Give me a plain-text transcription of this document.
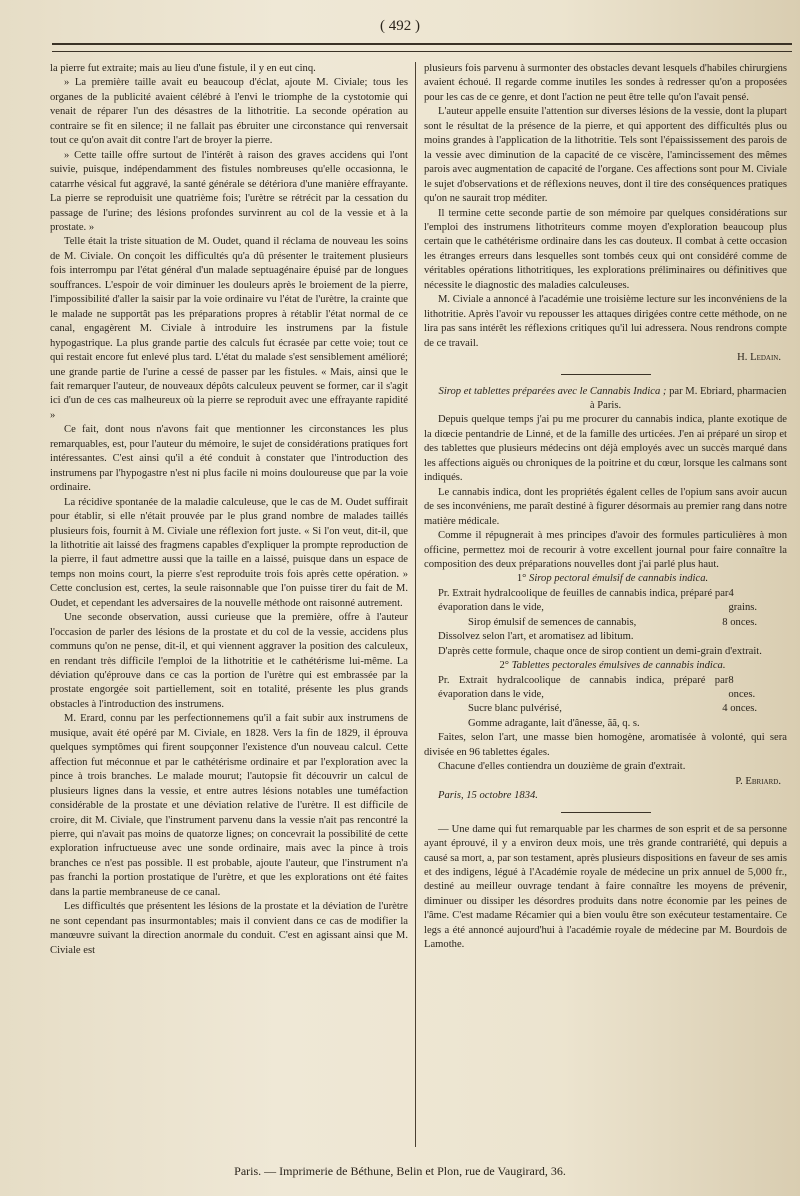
( 492 )

la pierre fut extraite; mais au lieu d'une fistule, il y en eut cinq.

» La première taille avait eu beaucoup d'éclat, ajoute M. Civiale; tous les organes de la publicité avaient célébré à l'envi le triomphe de la cystotomie qui venait de réparer l'un des désastres de la lithotritie. La seconde opération au contraire se fit en silence; il ne fallait pas ébruiter une circonstance qui renversait tout ce qu'on avait dit contre l'art de broyer la pierre.

» Cette taille offre surtout de l'intérêt à raison des graves accidens qui l'ont suivie, puisque, indépendamment des fistules nombreuses qu'elle occasionna, le catarrhe vésical fut aggravé, la santé générale se détériora d'une manière effrayante. La pierre se reproduisit une quatrième fois; l'urètre se rétrécit par la cessation du passage de l'urine; des lésions profondes survinrent au col de la vessie et à la prostate. »

Telle était la triste situation de M. Oudet, quand il réclama de nouveau les soins de M. Civiale. On conçoit les difficultés qu'a dû présenter le traitement plusieurs fois interrompu par l'état général d'un malade septuagénaire épuisé par de longues souffrances. L'espoir de voir diminuer les douleurs après le broiement de la pierre, l'impossibilité d'aller la saisir par la voie ordinaire vu l'état de l'urètre, la crainte que le malade ne supportât pas les préparations propres à rétablir l'état normal de ce canal, engagèrent M. Civiale à introduire les instrumens par la fistule hypogastrique. La plus grande partie des calculs fut écrasée par cette voie; tout ce qui restait encore fut enlevé plus tard. L'état du malade s'est sensiblement amélioré; une grande partie de l'urine a cessé de passer par les fistules. « Mais, ainsi que le fait remarquer l'auteur, de nouveaux dépôts calculeux peuvent se former, car il s'agit ici d'un de ces cas malheureux où la pierre se reproduit avec une effrayante rapidité »

Ce fait, dont nous n'avons fait que mentionner les circonstances les plus remarquables, est, pour l'auteur du mémoire, le sujet de considérations pratiques fort intéressantes. C'est ainsi qu'il a été conduit à constater que l'introduction des instrumens par l'hypogastre n'est ni plus facile ni moins douloureuse que par la voie ordinaire.

La récidive spontanée de la maladie calculeuse, que le cas de M. Oudet suffirait pour établir, si elle n'était prouvée par le plus grand nombre de malades taillés plusieurs fois, fournit à M. Civiale une réflexion fort juste. « Si l'on veut, dit-il, que la lithotritie ait laissé des fragmens capables d'expliquer la prompte reproduction de la pierre, il faut admettre aussi que la taille en a laissé, puisque dans un espace de temps non moins court, la pierre s'est reproduite trois fois après cette opération. » Cette conclusion est, certes, la seule raisonnable que l'on puisse tirer du fait de M. Oudet, et cependant les adversaires de la nouvelle méthode ont raisonné autrement.

Une seconde observation, aussi curieuse que la première, offre à l'auteur l'occasion de parler des lésions de la prostate et du col de la vessie, accidens plus communs qu'on ne pense, dit-il, et qui viennent aggraver la position des calculeux, en rendant très difficile l'emploi de la lithotritie et le cathétérisme lui-même. La déviation qu'éprouve dans ce cas la portion de l'urètre qui est embrassée par la prostate engorgée soit partiellement, soit en totalité, présente les plus grands obstacles à l'introduction des instrumens.

M. Erard, connu par les perfectionnemens qu'il a fait subir aux instrumens de musique, avait été opéré par M. Civiale, en 1828. Vers la fin de 1829, il éprouva quelques symptômes qui firent soupçonner l'existence d'un nouveau calcul. Cette affection fut méconnue et par le cathétérisme ordinaire et par l'exploration avec la pince à trois branches. Le malade mourut; l'autopsie fit découvrir un calcul de plusieurs lignes dans la vessie, et entre autres lésions notables une tuméfaction considérable de la prostate et une déviation relative de l'urètre. Il est difficile de croire, dit M. Civiale, que l'instrument parvenu dans la vessie n'ait pas rencontré la pierre, qui n'avait pas moins de quatorze lignes; on concevrait la possibilité de cette exploration infructueuse avec une sonde ordinaire, mais avec la pince à trois branches ce n'est pas possible. Il est probable, ajoute l'auteur, que l'instrument n'a pas franchi la portion prostatique de l'urètre, et que les explorations ont été faites dans la partie membraneuse de ce canal.

Les difficultés que présentent les lésions de la prostate et la déviation de l'urètre ne sont cependant pas insurmontables; mais il convient dans ce cas de modifier la manœuvre suivant la direction anormale du conduit. C'est en agissant ainsi que M. Civiale est

plusieurs fois parvenu à surmonter des obstacles devant lesquels d'habiles chirurgiens avaient échoué. Il regarde comme inutiles les sondes à redresser qu'on a proposées pour les cas de ce genre, et dont l'action ne peut être telle qu'on l'avait pensé.

L'auteur appelle ensuite l'attention sur diverses lésions de la vessie, dont la plupart sont le résultat de la présence de la pierre, et qui apportent des difficultés plus ou moins grandes à l'application de la lithotritie. Tels sont l'épaississement des parois de la vessie avec diminution de la capacité de ce viscère, l'amincissement des mêmes parois avec augmentation de capacité de l'organe. Ces affections sont pour M. Civiale le sujet d'observations et de réflexions neuves, dont il tire des conséquences pratiques qu'on ne saurait trop méditer.

Il termine cette seconde partie de son mémoire par quelques considérations sur l'emploi des instrumens lithotriteurs comme moyen d'exploration beaucoup plus certain que le cathétérisme ordinaire dans les cas douteux. Il combat à cette occasion les étranges erreurs dans lesquelles sont tombés ceux qui ont considéré comme de véritables opérations lithotritiques, les explorations préliminaires ou définitives que nécessite le diagnostic des maladies calculeuses.

M. Civiale a annoncé à l'académie une troisième lecture sur les inconvéniens de la lithotritie. Après l'avoir vu repousser les attaques dirigées contre cette méthode, on ne lira pas sans intérêt les réflexions critiques qu'il lui adressera. Nous rendrons compte de ce travail.

H. Ledain.

Sirop et tablettes préparées avec le Cannabis Indica ; par M. Ebriard, pharmacien à Paris.

Depuis quelque temps j'ai pu me procurer du cannabis indica, plante exotique de la diœcie pentandrie de Linné, et de la famille des urticées. J'en ai préparé un sirop et des tablettes que plusieurs médecins ont déjà employés avec un succès marqué dans les affections aiguës ou chroniques de la poitrine et du cœur, lorsque les calmans sont indiqués.

Le cannabis indica, dont les propriétés égalent celles de l'opium sans avoir aucun de ses inconvéniens, me paraît destiné à figurer désormais au premier rang dans notre matière médicale.

Comme il répugnerait à mes principes d'avoir des formules particulières à mon officine, permettez moi de recourir à votre excellent journal pour faire connaître la composition des deux préparations nouvelles dont j'ai parlé plus haut.

1° Sirop pectoral émulsif de cannabis indica.

Pr. Extrait hydralcoolique de feuilles de cannabis indica, préparé par évaporation dans le vide,
4 grains.
Sirop émulsif de semences de cannabis,	8 onces.

Dissolvez selon l'art, et aromatisez ad libitum.

D'après cette formule, chaque once de sirop contient un demi-grain d'extrait.

2° Tablettes pectorales émulsives de cannabis indica.

Pr. Extrait hydralcoolique de cannabis indica, préparé par évaporation dans le vide,
8 onces.
Sucre blanc pulvérisé,	4 onces.
Gomme adragante, lait d'ânesse, ãã, q. s.

Faites, selon l'art, une masse bien homogène, aromatisée à volonté, qui sera divisée en 96 tablettes égales.

Chacune d'elles contiendra un douzième de grain d'extrait.

P. Ebriard.

Paris, 15 octobre 1834.

— Une dame qui fut remarquable par les charmes de son esprit et de sa personne ayant éprouvé, il y a environ deux mois, une très grande contrariété, qui depuis a causé sa mort, a, par son testament, après plusieurs dispositions en faveur de ses amis et des indigens, légué à l'Académie royale de médecine un prix annuel de 5,000 fr., destiné au meilleur ouvrage tendant à faire connaître les moyens de prévenir, diminuer ou dissiper les désordres produits dans notre économie par les peines de l'âme. C'est madame Récamier qui a bien voulu être son exécuteur testamentaire. Ce legs a été annoncé aujourd'hui à l'académie royale de médecine par M. Bourdois de Lamothe.

Paris. — Imprimerie de Béthune, Belin et Plon, rue de Vaugirard, 36.
